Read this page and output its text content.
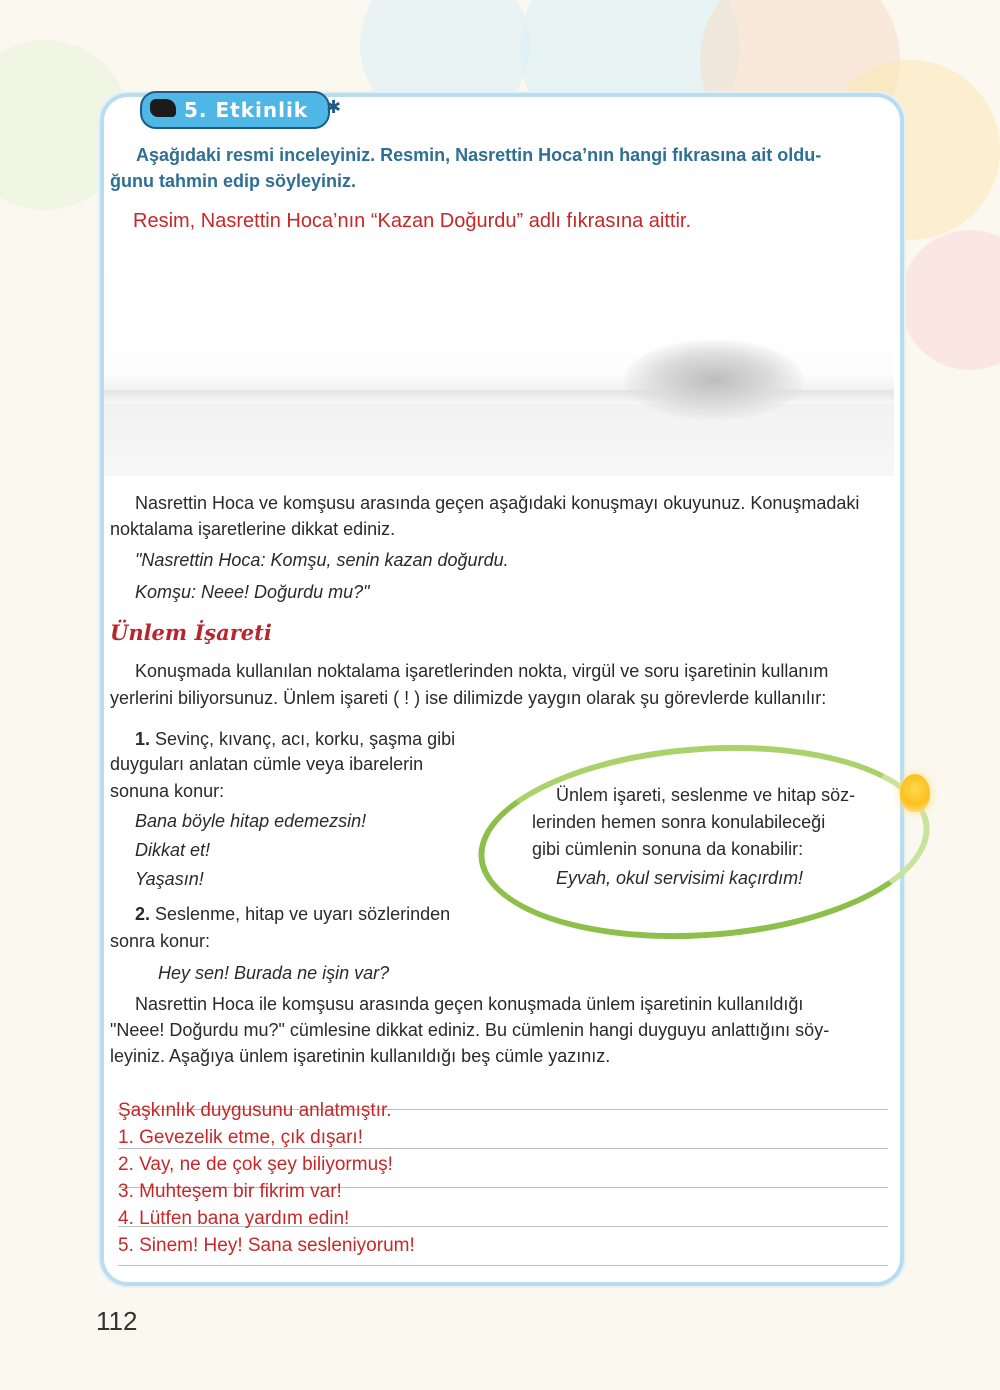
5. Etkinlik ✱

Aşağıdaki resmi inceleyiniz. Resmin, Nasrettin Hoca’nın hangi fıkrasına ait oldu-

ğunu tahmin edip söyleyiniz.

Resim, Nasrettin Hoca’nın “Kazan Doğurdu” adlı fıkrasına aittir.

Nasrettin Hoca ve komşusu arasında geçen aşağıdaki konuşmayı okuyunuz. Konuşmadaki

noktalama işaretlerine dikkat ediniz.

"Nasrettin Hoca: Komşu, senin kazan doğurdu.

Komşu: Neee! Doğurdu mu?"

Ünlem İşareti

Konuşmada kullanılan noktalama işaretlerinden nokta, virgül ve soru işaretinin kullanım

yerlerini biliyorsunuz. Ünlem işareti ( ! ) ise dilimizde yaygın olarak şu görevlerde kullanılır:

1. Sevinç, kıvanç, acı, korku, şaşma gibi

duyguları anlatan cümle veya ibarelerin

sonuna konur:

Bana böyle hitap edemezsin!

Dikkat et!

Yaşasın!

2. Seslenme, hitap ve uyarı sözlerinden

sonra konur:

Hey sen! Burada ne işin var?

Ünlem işareti, seslenme ve hitap söz-

lerinden hemen sonra konulabileceği

gibi cümlenin sonuna da konabilir:

Eyvah, okul servisimi kaçırdım!

Nasrettin Hoca ile komşusu arasında geçen konuşmada ünlem işaretinin kullanıldığı

"Neee! Doğurdu mu?" cümlesine dikkat ediniz. Bu cümlenin hangi duyguyu anlattığını söy-

leyiniz. Aşağıya ünlem işaretinin kullanıldığı beş cümle yazınız.

Şaşkınlık duygusunu anlatmıştır.

1. Gevezelik etme, çık dışarı!

2. Vay, ne de çok şey biliyormuş!

3. Muhteşem bir fikrim var!

4. Lütfen bana yardım edin!

5. Sinem! Hey! Sana sesleniyorum!

112
